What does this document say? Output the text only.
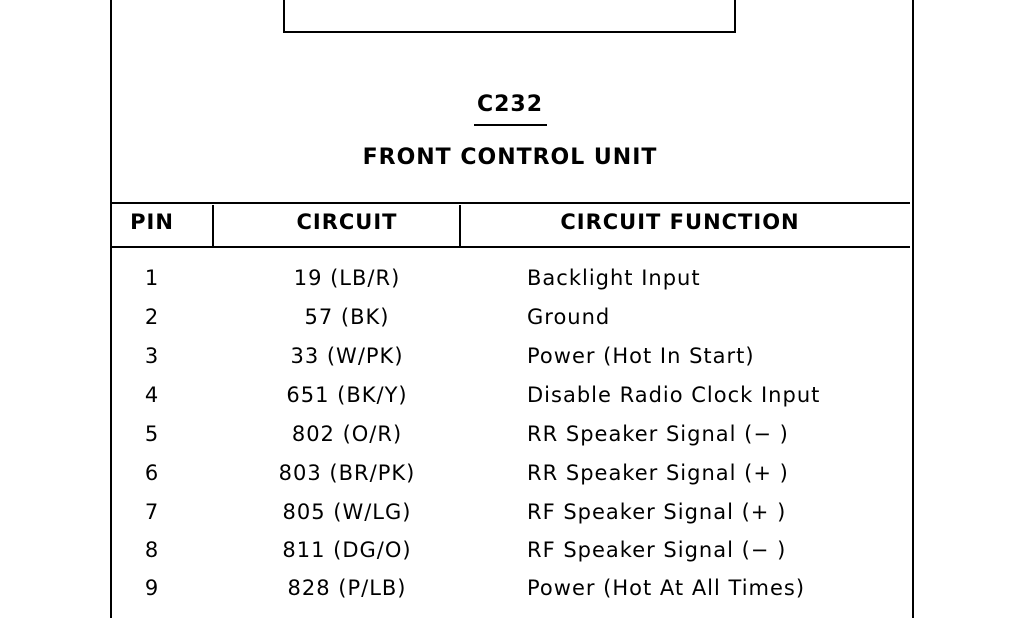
C232
FRONT CONTROL UNIT
PIN	CIRCUIT	CIRCUIT FUNCTION
1	19 (LB/R)	Backlight Input
2	57 (BK)	Ground
3	33 (W/PK)	Power (Hot In Start)
4	651 (BK/Y)	Disable Radio Clock Input
5	802 (O/R)	RR Speaker Signal (− )
6	803 (BR/PK)	RR Speaker Signal (+ )
7	805 (W/LG)	RF Speaker Signal (+ )
8	811 (DG/O)	RF Speaker Signal (− )
9	828 (P/LB)	Power (Hot At All Times)
